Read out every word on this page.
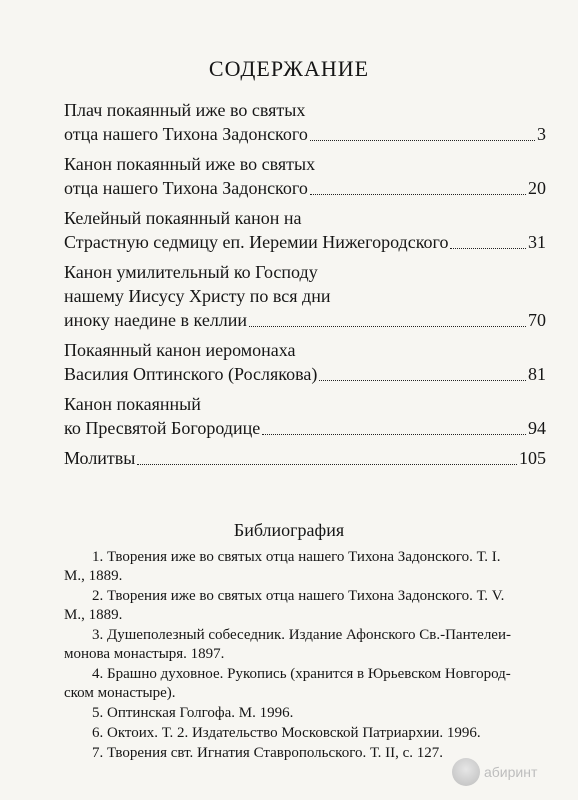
СОДЕРЖАНИЕ
Плач покаянный иже во святых
отца нашего Тихона Задонского	3
Канон покаянный иже во святых
отца нашего Тихона Задонского	20
Келейный покаянный канон на
Страстную седмицу еп. Иеремии Нижегородского	31
Канон умилительный ко Господу
нашему Иисусу Христу по вся дни
иноку наедине в келлии	70
Покаянный канон иеромонаха
Василия Оптинского (Рослякова)	81
Канон покаянный
ко Пресвятой Богородице	94
Молитвы	105
Библиография

1. Творения иже во святых отца нашего Тихона Задонского. Т. I.
М., 1889.

2. Творения иже во святых отца нашего Тихона Задонского. Т. V.
М., 1889.

3. Душеполезный собеседник. Издание Афонского Св.-Пантелеи-
монова монастыря. 1897.

4. Брашно духовное. Рукопись (хранится в Юрьевском Новгород-
ском монастыре).

5. Оптинская Голгофа. М. 1996.

6. Октоих. Т. 2. Издательство Московской Патриархии. 1996.

7. Творения свт. Игнатия Ставропольского. Т. II, с. 127.

абиринт
